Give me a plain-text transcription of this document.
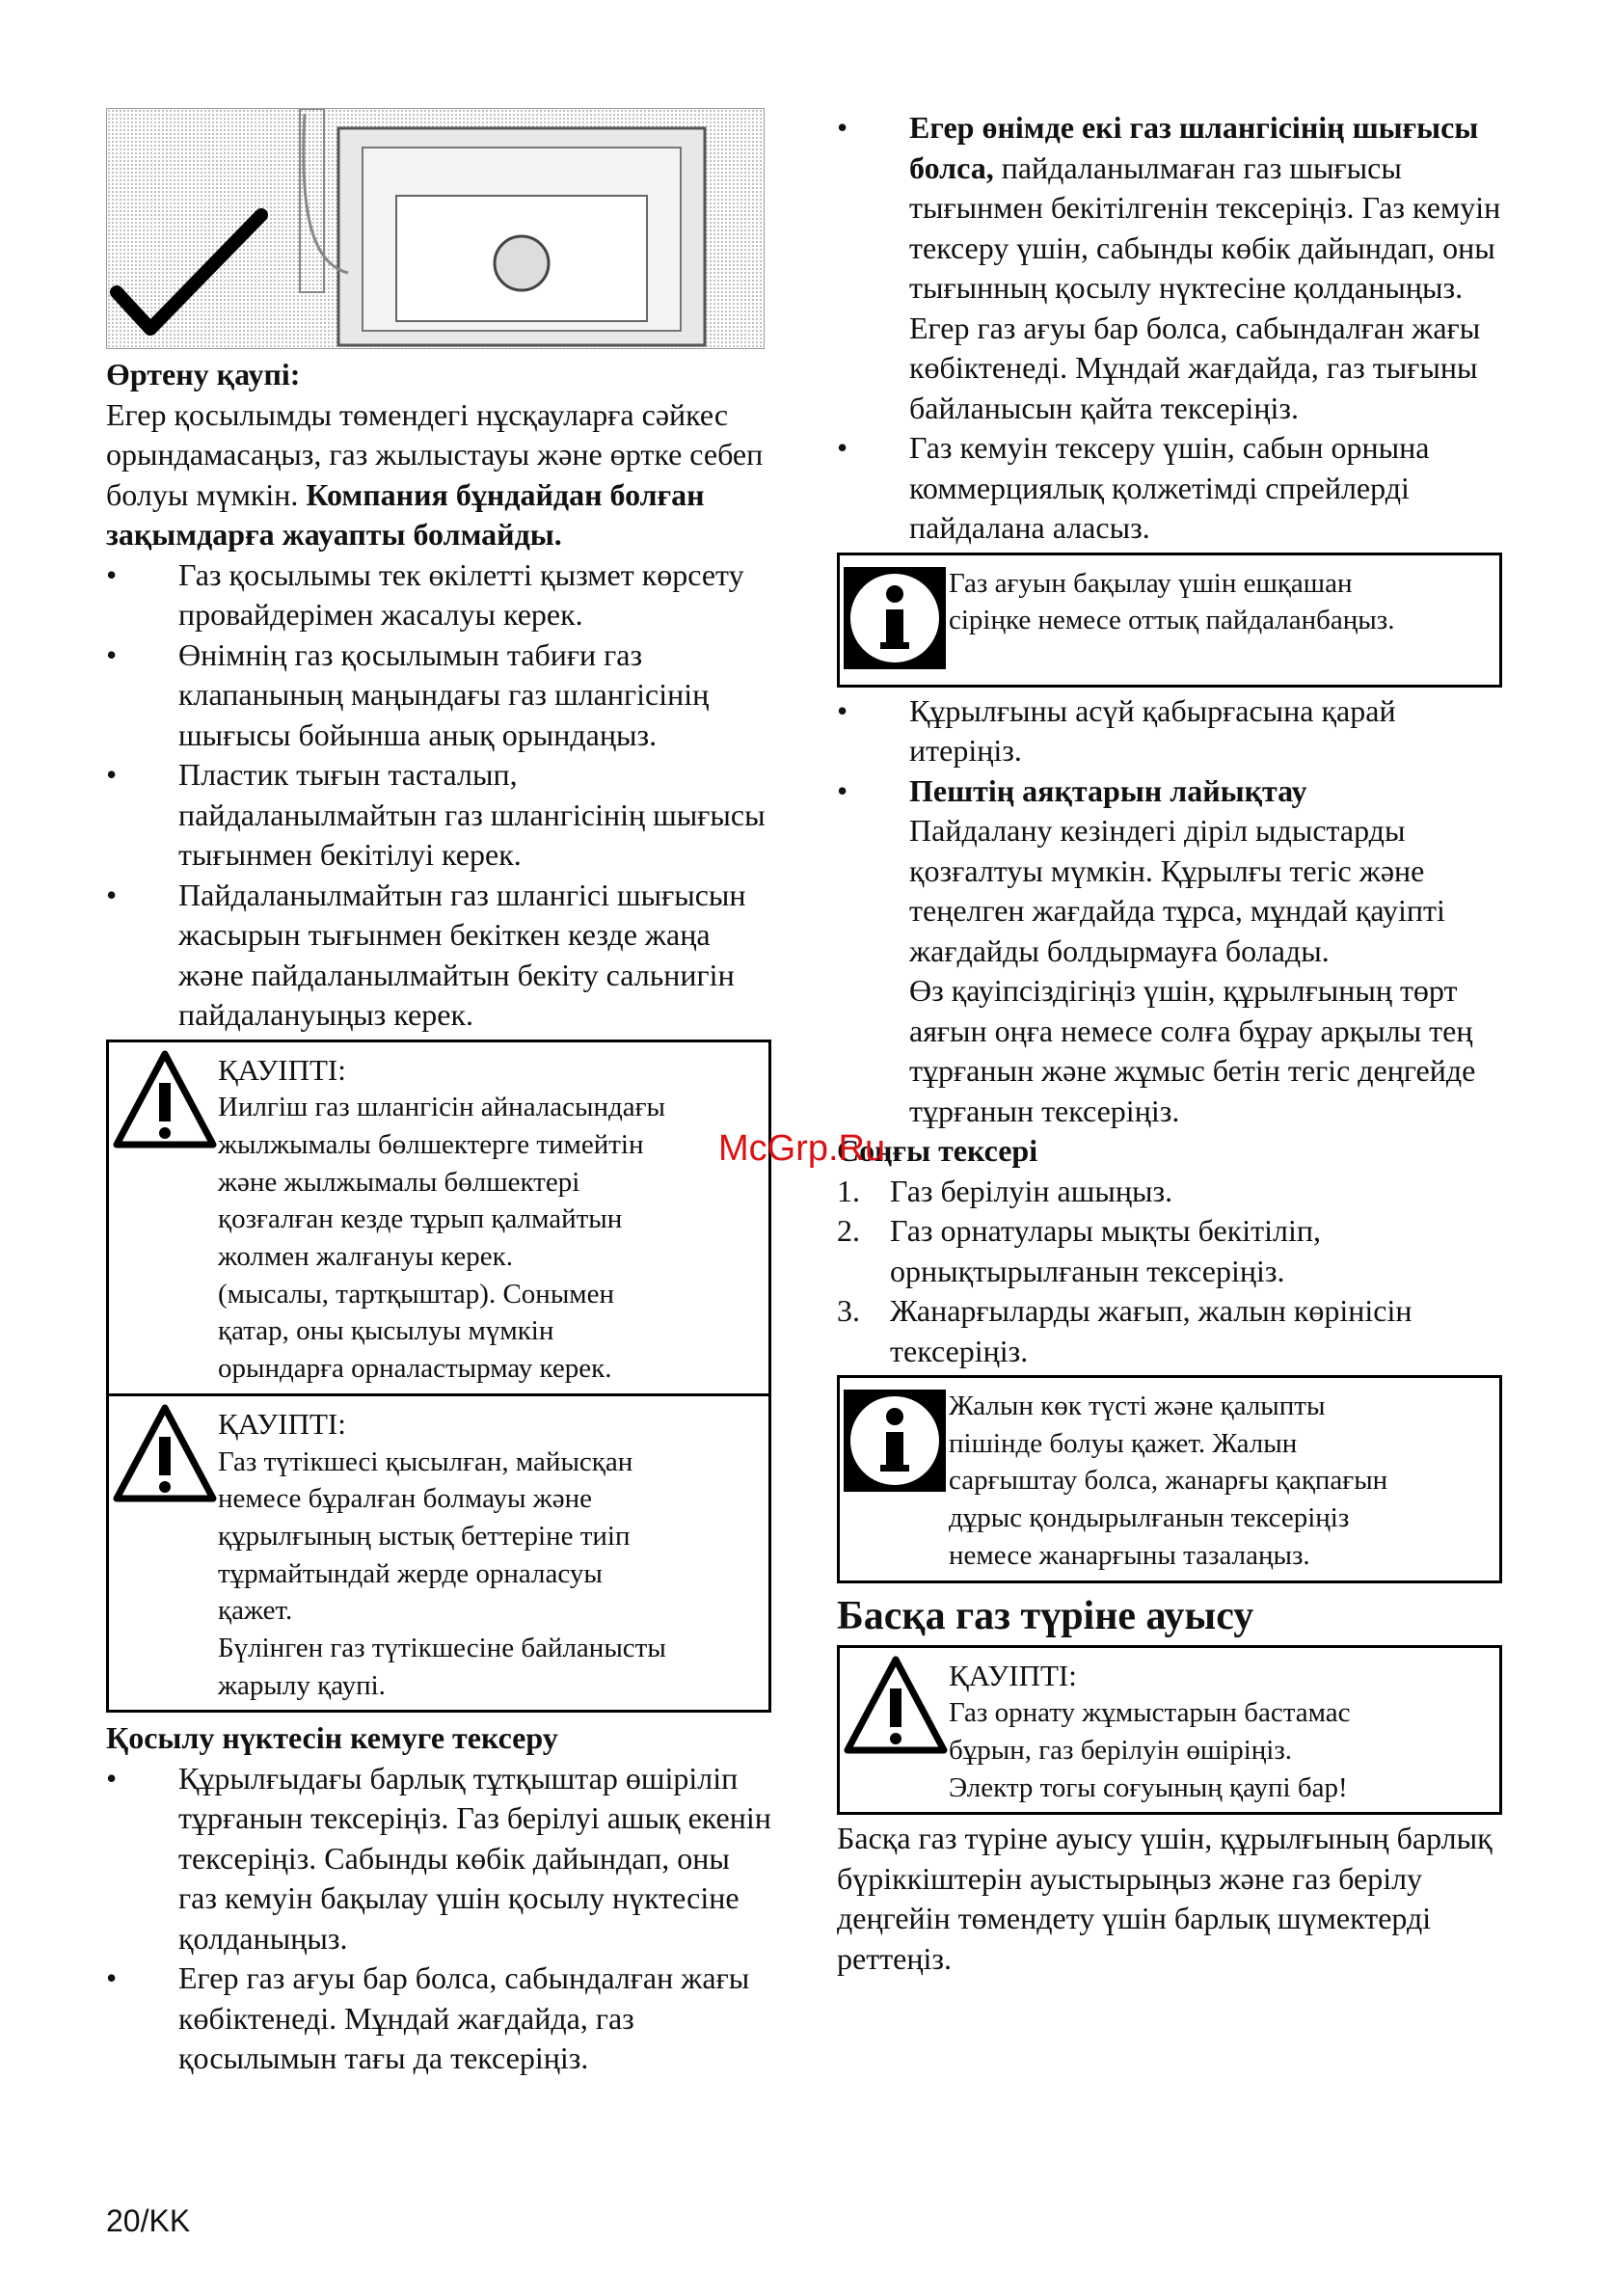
Өртену қаупі:

Егер қосылымды төмендегі нұсқауларға сәйкес орындамасаңыз, газ жылыстауы және өртке себеп болуы мүмкін. Компания бұндайдан болған зақымдарға жауапты болмайды.

• Газ қосылымы тек өкілетті қызмет көрсету провайдерімен жасалуы керек.
• Өнімнің газ қосылымын табиғи газ клапанының маңындағы газ шлангісінің шығысы бойынша анық орындаңыз.
• Пластик тығын тасталып, пайдаланылмайтын газ шлангісінің шығысы тығынмен бекітілуі керек.
• Пайдаланылмайтын газ шлангісі шығысын жасырын тығынмен бекіткен кезде жаңа және пайдаланылмайтын бекіту сальнигін пайдалануыңыз керек.
ҚАУІПТІ:

Иилгіш газ шлангісін айналасындағы

жылжымалы бөлшектерге тимейтін

және жылжымалы бөлшектері

қозғалған кезде тұрып қалмайтын

жолмен жалғануы керек.

(мысалы, тартқыштар). Сонымен

қатар, оны қысылуы мүмкін

орындарға орналастырмау керек.

ҚАУІПТІ:

Газ түтікшесі қысылған, майысқан

немесе бұралған болмауы және

құрылғының ыстық беттеріне тиіп

тұрмайтындай жерде орналасуы

қажет.

Бүлінген газ түтікшесіне байланысты

жарылу қаупі.

Қосылу нүктесін кемуге тексеру
• Құрылғыдағы барлық тұтқыштар өшіріліп тұрғанын тексеріңіз. Газ берілуі ашық екенін тексеріңіз. Сабынды көбік дайындап, оны газ кемуін бақылау үшін қосылу нүктесіне қолданыңыз.
• Егер газ ағуы бар болса, сабындалған жағы көбіктенеді. Мұндай жағдайда, газ қосылымын тағы да тексеріңіз.
• Егер өнімде екі газ шлангісінің шығысы болса, пайдаланылмаған газ шығысы тығынмен бекітілгенін тексеріңіз. Газ кемуін тексеру үшін, сабынды көбік дайындап, оны тығынның қосылу нүктесіне қолданыңыз. Егер газ ағуы бар болса, сабындалған жағы көбіктенеді. Мұндай жағдайда, газ тығыны байланысын қайта тексеріңіз.
• Газ кемуін тексеру үшін, сабын орнына коммерциялық қолжетімді спрейлерді пайдалана аласыз.

Газ ағуын бақылау үшін ешқашан

сіріңке немесе оттық пайдаланбаңыз.

• Құрылғыны асүй қабырғасына қарай итеріңіз.
• Пештің аяқтарын лайықтау
Пайдалану кезіндегі діріл ыдыстарды қозғалтуы мүмкін. Құрылғы тегіс және теңелген жағдайда тұрса, мұндай қауіпті жағдайды болдырмауға болады.
Өз қауіпсіздігіңіз үшін, құрылғының төрт аяғын оңға немесе солға бұрау арқылы тең тұрғанын және жұмыс бетін тегіс деңгейде тұрғанын тексеріңіз.
Соңғы тексері
1. Газ берілуін ашыңыз.
2. Газ орнатулары мықты бекітіліп, орнықтырылғанын тексеріңіз.
3. Жанарғыларды жағып, жалын көрінісін тексеріңіз.

Жалын көк түсті және қалыпты

пішінде болуы қажет. Жалын

сарғыштау болса, жанарғы қақпағын

дұрыс қондырылғанын тексеріңіз

немесе жанарғыны тазалаңыз.

Басқа газ түріне ауысу
ҚАУІПТІ:

Газ орнату жұмыстарын бастамас

бұрын, газ берілуін өшіріңіз.

Электр тогы соғуының қаупі бар!

Басқа газ түріне ауысу үшін, құрылғының барлық бүріккіштерін ауыстырыңыз және газ берілу деңгейін төмендету үшін барлық шүмектерді реттеңіз.

McGrp.Ru
20/KK
